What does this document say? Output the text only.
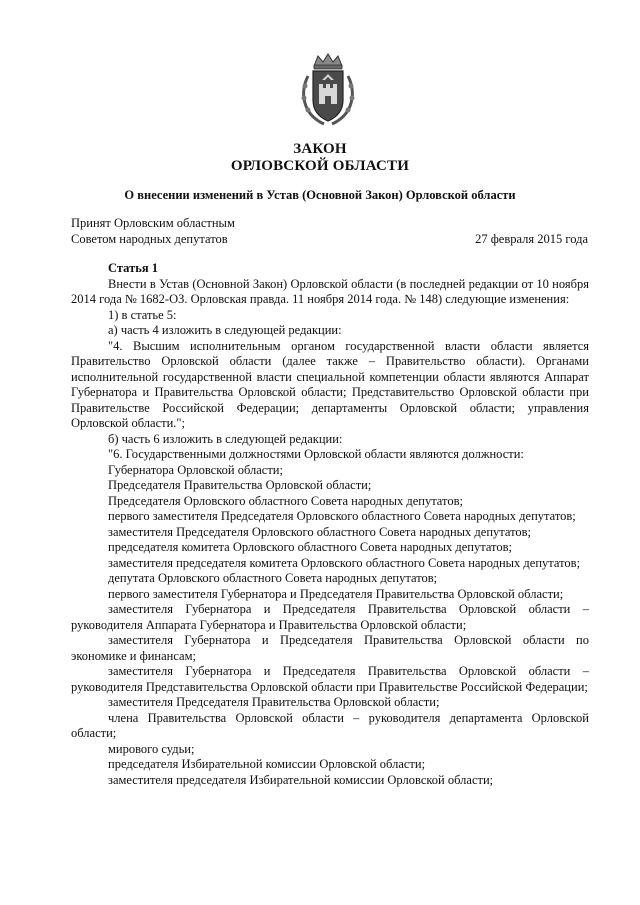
ЗАКОН
ОРЛОВСКОЙ ОБЛАСТИ
О внесении изменений в Устав (Основной Закон) Орловской области
Принят Орловским областным
Советом народных депутатов	27 февраля 2015 года

Статья 1

Внести в Устав (Основной Закон) Орловской области (в последней редакции от 10 ноября 2014 года № 1682-ОЗ. Орловская правда. 11 ноября 2014 года. № 148) следующие изменения:

1) в статье 5:

а) часть 4 изложить в следующей редакции:

"4. Высшим исполнительным органом государственной власти области является Правительство Орловской области (далее также – Правительство области). Органами исполнительной государственной власти специальной компетенции области являются Аппарат Губернатора и Правительства Орловской области; Представительство Орловской области при Правительстве Российской Федерации; департаменты Орловской области; управления Орловской области.";

б) часть 6 изложить в следующей редакции:

"6. Государственными должностями Орловской области являются должности:

Губернатора Орловской области;

Председателя Правительства Орловской области;

Председателя Орловского областного Совета народных депутатов;

первого заместителя Председателя Орловского областного Совета народных депутатов;

заместителя Председателя Орловского областного Совета народных депутатов;

председателя комитета Орловского областного Совета народных депутатов;

заместителя председателя комитета Орловского областного Совета народных депутатов;

депутата Орловского областного Совета народных депутатов;

первого заместителя Губернатора и Председателя Правительства Орловской области;

заместителя Губернатора и Председателя Правительства Орловской области – руководителя Аппарата Губернатора и Правительства Орловской области;

заместителя Губернатора и Председателя Правительства Орловской области по экономике и финансам;

заместителя Губернатора и Председателя Правительства Орловской области – руководителя Представительства Орловской области при Правительстве Российской Федерации;

заместителя Председателя Правительства Орловской области;

члена Правительства Орловской области – руководителя департамента Орловской области;

мирового судьи;

председателя Избирательной комиссии Орловской области;

заместителя председателя Избирательной комиссии Орловской области;
